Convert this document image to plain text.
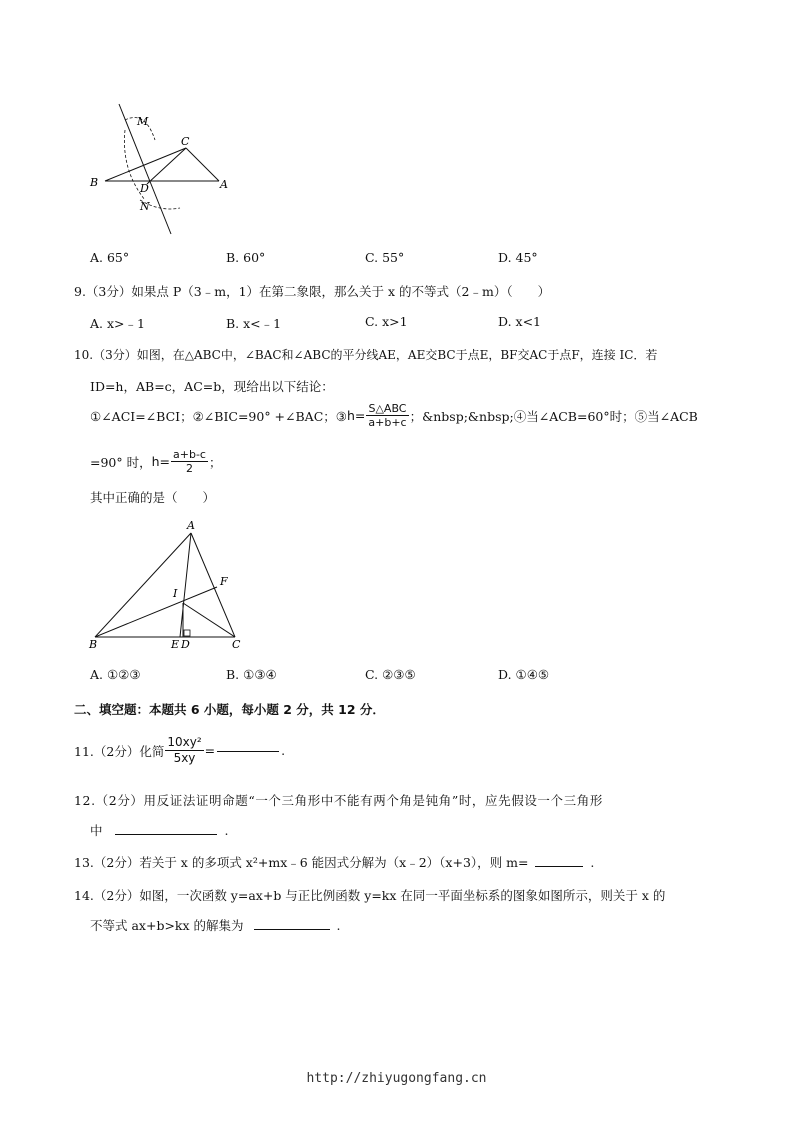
M
C
B	D	A
N
A. 65°	B. 60°	C. 55°	D. 45°
9.（3分）如果点 P（3﹣m，1）在第二象限，那么关于 x 的不等式（2﹣m）（　　）
A. x>﹣1	B. x<﹣1	C. x>1	D. x<1
10.（3分）如图，在△ABC中，∠BAC和∠ABC的平分线AE，AE交BC于点E，BF交AC于点F，连接 IC．若
ID=h，AB=c，AC=b，现给出以下结论：
①∠ACI=∠BCI；②∠BIC=90° +∠BAC；③ $h= \frac{\text{S△ABC}}{a+b+c}$ ；&nbsp;&nbsp;④当∠ACB=60°时；⑤当∠ACB
=90° 时， $h= \frac{a+b-c}{2}$ ；
其中正确的是（　　）
A
F
I
B	E D	C
A. ①②③	B. ①③④	C. ②③⑤	D. ①④⑤
二、填空题：本题共 6 小题，每小题 2 分，共 12 分．
11.（2分）化简 $\frac{\text{10xy²}}{5xy}$ =	.
12.（2分）用反证法证明命题“一个三角形中不能有两个角是钝角”时，应先假设一个三角形
中	.
13.（2分）若关于 x 的多项式 x²+mx﹣6 能因式分解为（x﹣2）（x+3），则 m=	.
14.（2分）如图，一次函数 y=ax+b 与正比例函数 y=kx 在同一平面坐标系的图象如图所示，则关于 x 的
不等式 ax+b>kx 的解集为	.
http://zhiyugongfang.cn
